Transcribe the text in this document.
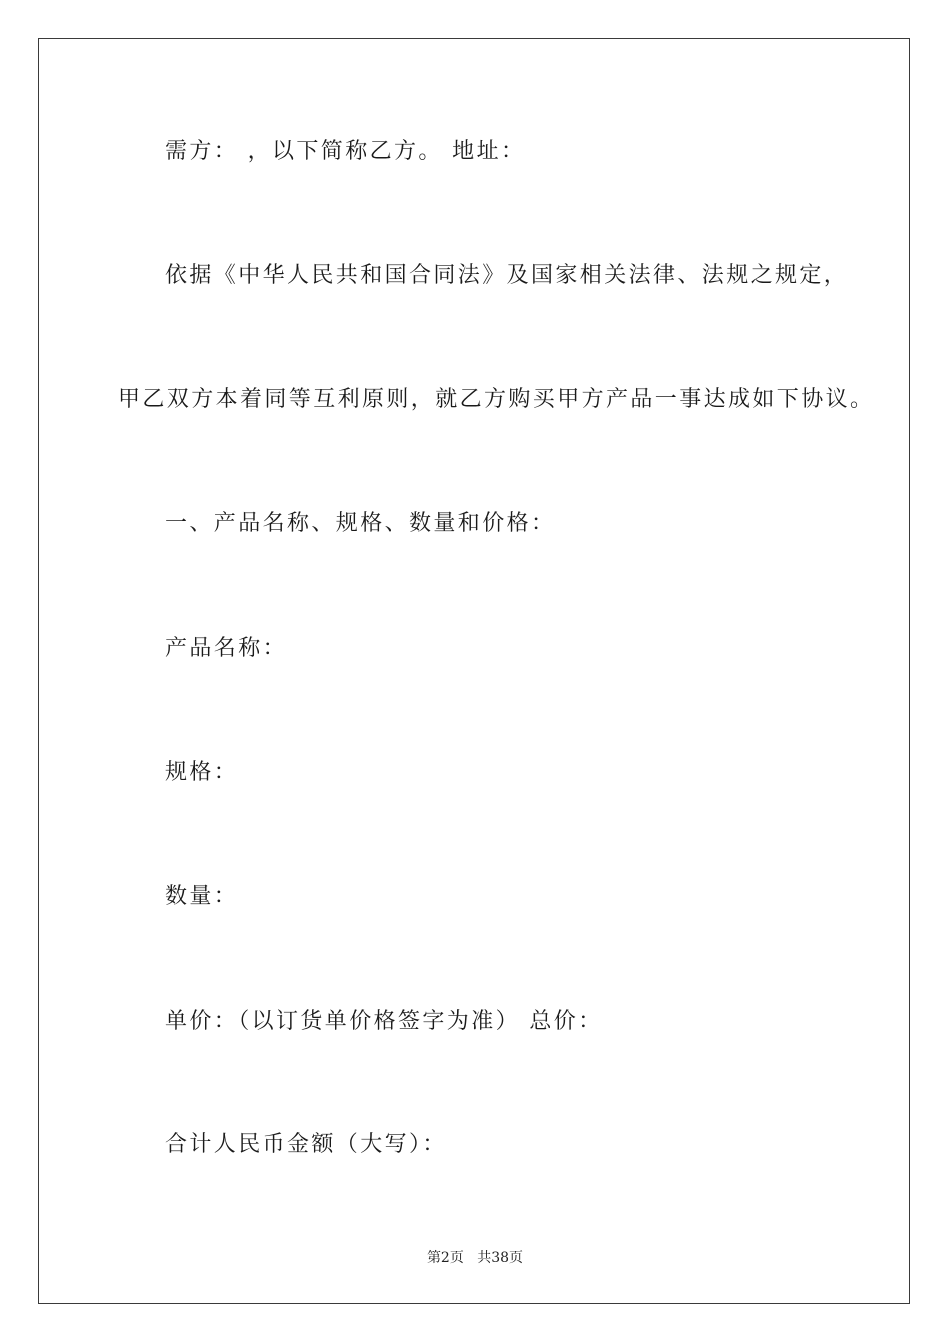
需方： ，以下简称乙方。 地址：
依据《中华人民共和国合同法》及国家相关法律、法规之规定，
甲乙双方本着同等互利原则，就乙方购买甲方产品一事达成如下协议。
一、产品名称、规格、数量和价格：
产品名称：
规格：
数量：
单价：（以订货单价格签字为准） 总价：
合计人民币金额（大写）：
第2页 共38页
